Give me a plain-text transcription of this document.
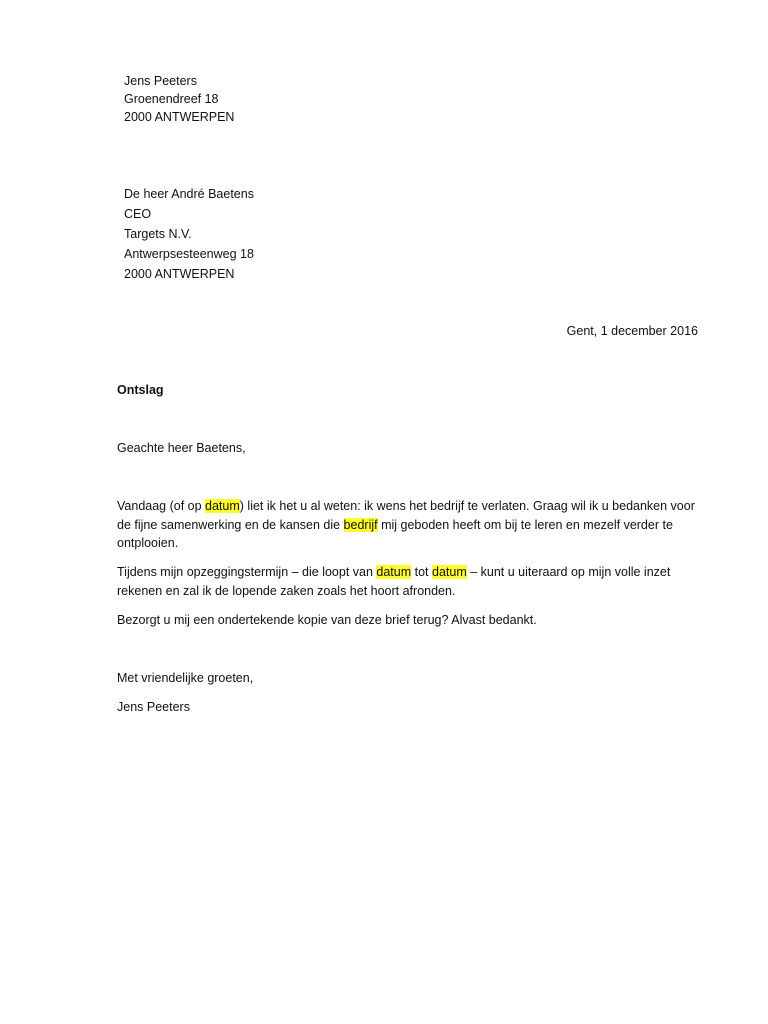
Jens Peeters
Groenendreef 18
2000 ANTWERPEN
De heer André Baetens
CEO
Targets N.V.
Antwerpsesteenweg 18
2000 ANTWERPEN
Gent, 1 december 2016
Ontslag
Geachte heer Baetens,
Vandaag (of op datum) liet ik het u al weten: ik wens het bedrijf te verlaten. Graag wil ik u bedanken voor de fijne samenwerking en de kansen die bedrijf mij geboden heeft om bij te leren en mezelf verder te ontplooien.
Tijdens mijn opzeggingstermijn – die loopt van datum tot datum – kunt u uiteraard op mijn volle inzet rekenen en zal ik de lopende zaken zoals het hoort afronden.
Bezorgt u mij een ondertekende kopie van deze brief terug? Alvast bedankt.
Met vriendelijke groeten,
Jens Peeters
